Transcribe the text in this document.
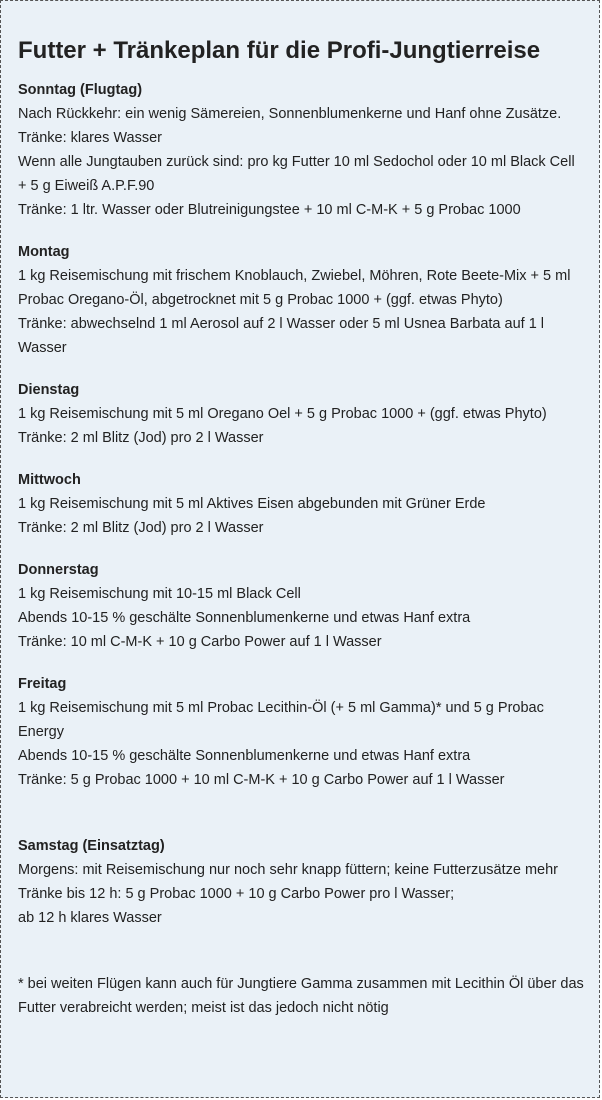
Futter + Tränkeplan für die Profi-Jungtierreise
Sonntag (Flugtag)

Nach Rückkehr: ein wenig Sämereien, Sonnenblumenkerne und Hanf ohne Zusätze.

Tränke: klares Wasser

Wenn alle Jungtauben zurück sind: pro kg Futter 10 ml Sedochol oder 10 ml Black Cell

+ 5 g Eiweiß A.P.F.90

Tränke: 1 ltr. Wasser oder Blutreinigungstee + 10 ml C-M-K + 5 g Probac 1000

Montag

1 kg Reisemischung mit frischem Knoblauch, Zwiebel, Möhren, Rote Beete-Mix + 5 ml Probac Oregano-Öl, abgetrocknet mit 5 g Probac 1000 + (ggf. etwas Phyto)

Tränke: abwechselnd 1 ml Aerosol auf 2 l Wasser oder 5 ml Usnea Barbata auf 1 l Wasser

Dienstag

1 kg Reisemischung mit 5 ml Oregano Oel + 5 g Probac 1000 + (ggf. etwas Phyto)

Tränke: 2 ml Blitz (Jod) pro 2 l Wasser

Mittwoch

1 kg Reisemischung mit 5 ml Aktives Eisen abgebunden mit Grüner Erde

Tränke: 2 ml Blitz (Jod) pro 2 l Wasser

Donnerstag

1 kg Reisemischung mit 10-15 ml Black Cell

Abends 10-15 % geschälte Sonnenblumenkerne und etwas Hanf extra

Tränke: 10 ml C-M-K + 10 g Carbo Power auf 1 l Wasser

Freitag

1 kg Reisemischung mit 5 ml Probac Lecithin-Öl (+ 5 ml Gamma)* und 5 g Probac Energy

Abends 10-15 % geschälte Sonnenblumenkerne und etwas Hanf extra

Tränke: 5 g Probac 1000 + 10 ml C-M-K + 10 g Carbo Power auf 1 l Wasser

Samstag (Einsatztag)

Morgens: mit Reisemischung nur noch sehr knapp füttern; keine Futterzusätze mehr

Tränke bis 12 h: 5 g Probac 1000 + 10 g Carbo Power pro l Wasser;

ab 12 h klares Wasser

* bei weiten Flügen kann auch für Jungtiere Gamma zusammen mit Lecithin Öl über das Futter verabreicht werden; meist ist das jedoch nicht nötig
